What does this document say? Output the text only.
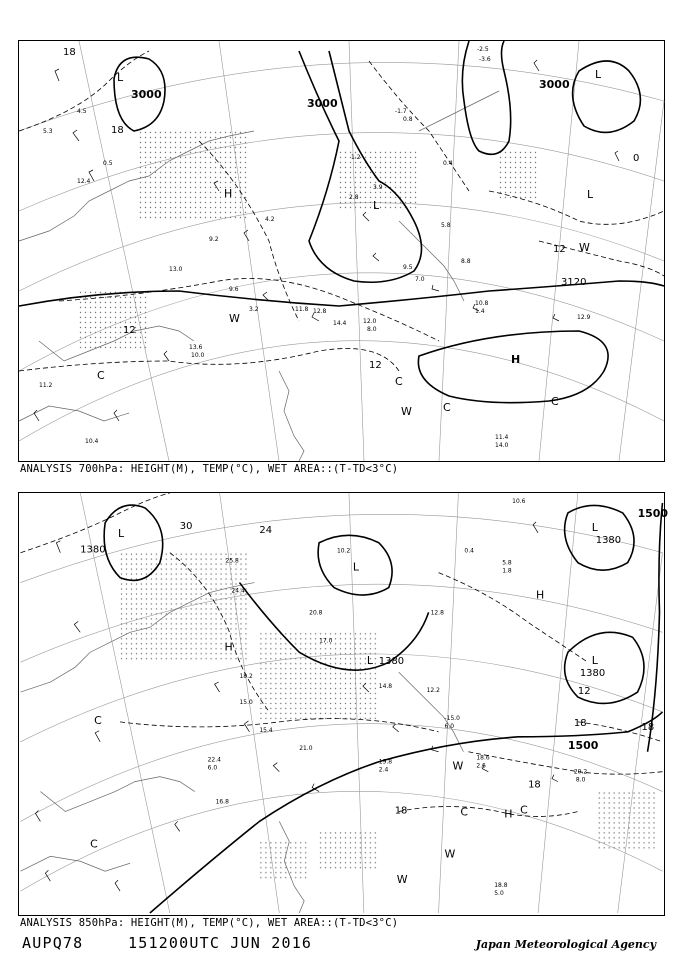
3000
3000
3000
3120
18
18
12
12
12
0
L
L
L
L
H
H
W
W
W
C	C
C	C
4.5
5.3
12.4
0.5
13.0
9.2
9.6
3.2
4.2
11.8
12.0
12.8
14.4
9.5
7.0
8.8
10.8
1.4
12.9
3.9
1.2
2.8
5.8
13.6
10.0
11.4
14.0
10.4
11.2
-1.7
-2.5
-3.6
0.8
0.4
8.0
ANALYSIS 700hPa: HEIGHT(M), TEMP(°C), WET AREA::(T-TD<3°C)
1380
1380
1380
1380
1500
1500
30	24
18
18
18
18
12
L
L
L
L
L
H
H
H
W
W
W
C
C
C	C
25.8
24.4
17.0
18.2
20.8
10.2
12.8
12.2
14.8
15.0
21.0
19.8
2.4
18.6
2.6
20.2
8.0
18.8
5.0
22.4
6.0
16.8
15.4
5.8
1.8
0.4
-15.0
6.0
10.6
ANALYSIS 850hPa: HEIGHT(M), TEMP(°C), WET AREA::(T-TD<3°C)
AUPQ78	151200UTC JUN 2016	Japan Meteorological Agency
